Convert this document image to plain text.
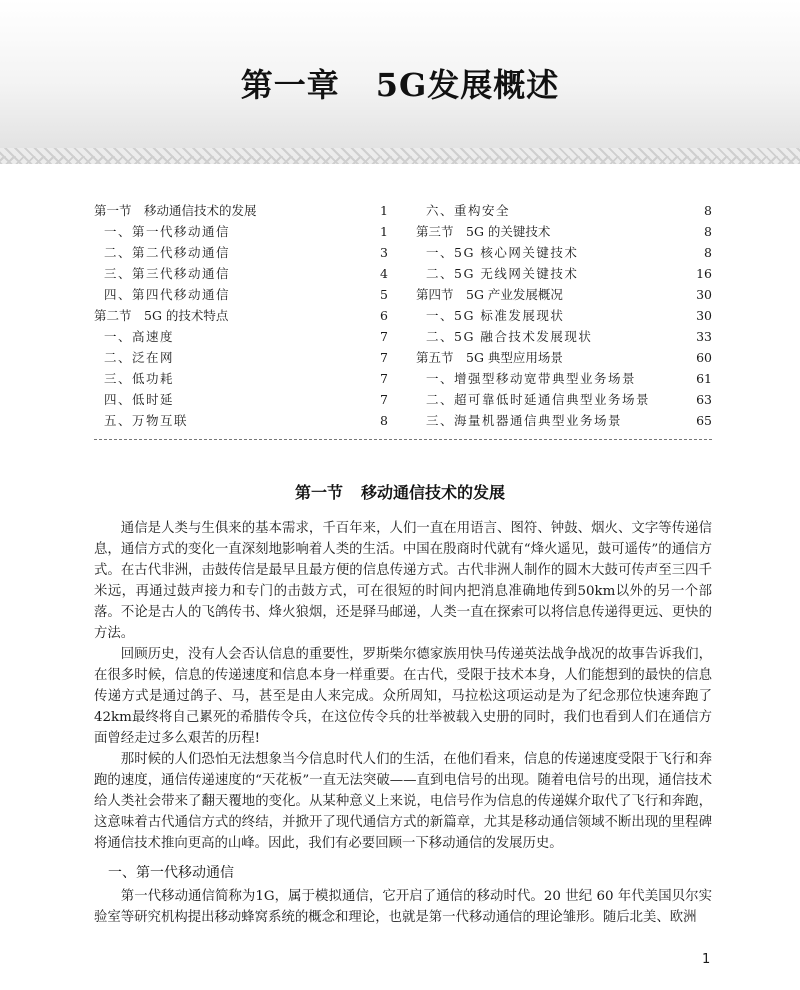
第一章 5G发展概述
第一节　移动通信技术的发展	1
一、第一代移动通信	1
二、第二代移动通信	3
三、第三代移动通信	4
四、第四代移动通信	5
第二节　5G 的技术特点	6
一、高速度	7
二、泛在网	7
三、低功耗	7
四、低时延	7
五、万物互联	8
六、重构安全	8
第三节　5G 的关键技术	8
一、5G 核心网关键技术	8
二、5G 无线网关键技术	16
第四节　5G 产业发展概况	30
一、5G 标准发展现状	30
二、5G 融合技术发展现状	33
第五节　5G 典型应用场景	60
一、增强型移动宽带典型业务场景	61
二、超可靠低时延通信典型业务场景	63
三、海量机器通信典型业务场景	65
第一节 移动通信技术的发展

通信是人类与生俱来的基本需求，千百年来，人们一直在用语言、图符、钟鼓、烟火、文字等传递信息，通信方式的变化一直深刻地影响着人类的生活。中国在殷商时代就有“烽火遥见，鼓可遥传”的通信方式。在古代非洲，击鼓传信是最早且最方便的信息传递方式。古代非洲人制作的圆木大鼓可传声至三四千米远，再通过鼓声接力和专门的击鼓方式，可在很短的时间内把消息准确地传到50km以外的另一个部落。不论是古人的飞鸽传书、烽火狼烟，还是驿马邮递，人类一直在探索可以将信息传递得更远、更快的方法。

回顾历史，没有人会否认信息的重要性，罗斯柴尔德家族用快马传递英法战争战况的故事告诉我们，在很多时候，信息的传递速度和信息本身一样重要。在古代，受限于技术本身，人们能想到的最快的信息传递方式是通过鸽子、马，甚至是由人来完成。众所周知，马拉松这项运动是为了纪念那位快速奔跑了42km最终将自己累死的希腊传令兵，在这位传令兵的壮举被载入史册的同时，我们也看到人们在通信方面曾经走过多么艰苦的历程!

那时候的人们恐怕无法想象当今信息时代人们的生活，在他们看来，信息的传递速度受限于飞行和奔跑的速度，通信传递速度的“天花板”一直无法突破——直到电信号的出现。随着电信号的出现，通信技术给人类社会带来了翻天覆地的变化。从某种意义上来说，电信号作为信息的传递媒介取代了飞行和奔跑，这意味着古代通信方式的终结，并掀开了现代通信方式的新篇章，尤其是移动通信领域不断出现的里程碑将通信技术推向更高的山峰。因此，我们有必要回顾一下移动通信的发展历史。

一、第一代移动通信

第一代移动通信简称为1G，属于模拟通信，它开启了通信的移动时代。20 世纪 60 年代美国贝尔实验室等研究机构提出移动蜂窝系统的概念和理论，也就是第一代移动通信的理论雏形。随后北美、欧洲

1
